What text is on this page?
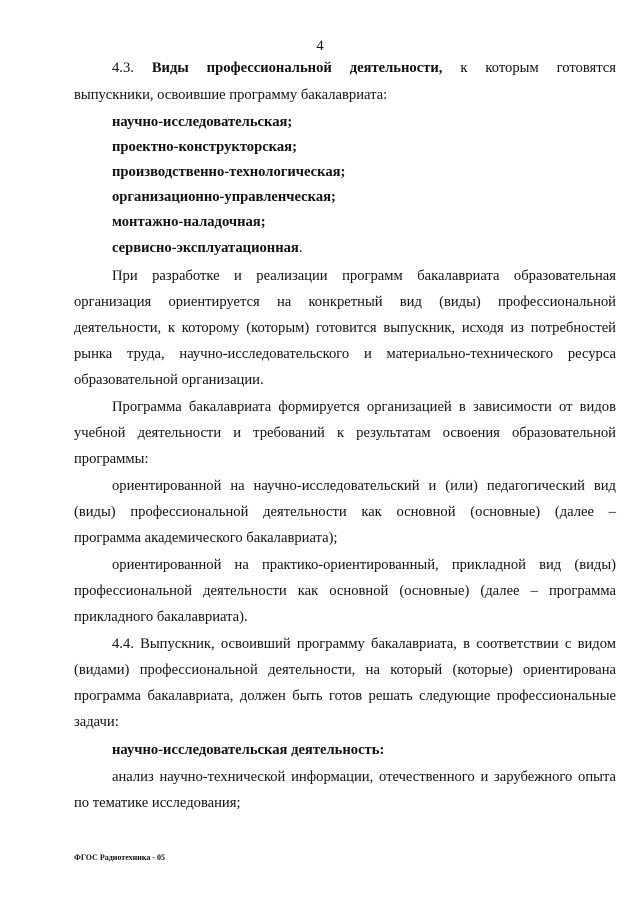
4
4.3. Виды профессиональной деятельности, к которым готовятся
выпускники, освоившие программу бакалавриата:
научно-исследовательская;
проектно-конструкторская;
производственно-технологическая;
организационно-управленческая;
монтажно-наладочная;
сервисно-эксплуатационная.
При разработке и реализации программ бакалавриата образовательная
организация ориентируется на конкретный вид (виды) профессиональной
деятельности, к которому (которым) готовится выпускник, исходя из потребностей
рынка труда, научно-исследовательского и материально-технического ресурса
образовательной организации.
Программа бакалавриата формируется организацией в зависимости от видов
учебной деятельности и требований к результатам освоения образовательной
программы:
ориентированной на научно-исследовательский и (или) педагогический вид
(виды) профессиональной деятельности как основной (основные) (далее –
программа академического бакалавриата);
ориентированной на практико-ориентированный, прикладной вид (виды)
профессиональной деятельности как основной (основные) (далее – программа
прикладного бакалавриата).
4.4. Выпускник, освоивший программу бакалавриата, в соответствии с видом
(видами) профессиональной деятельности, на который (которые) ориентирована
программа бакалавриата, должен быть готов решать следующие профессиональные
задачи:
научно-исследовательская деятельность:
анализ научно-технической информации, отечественного и зарубежного опыта
по тематике исследования;
ФГОС Радиотехника - 05
